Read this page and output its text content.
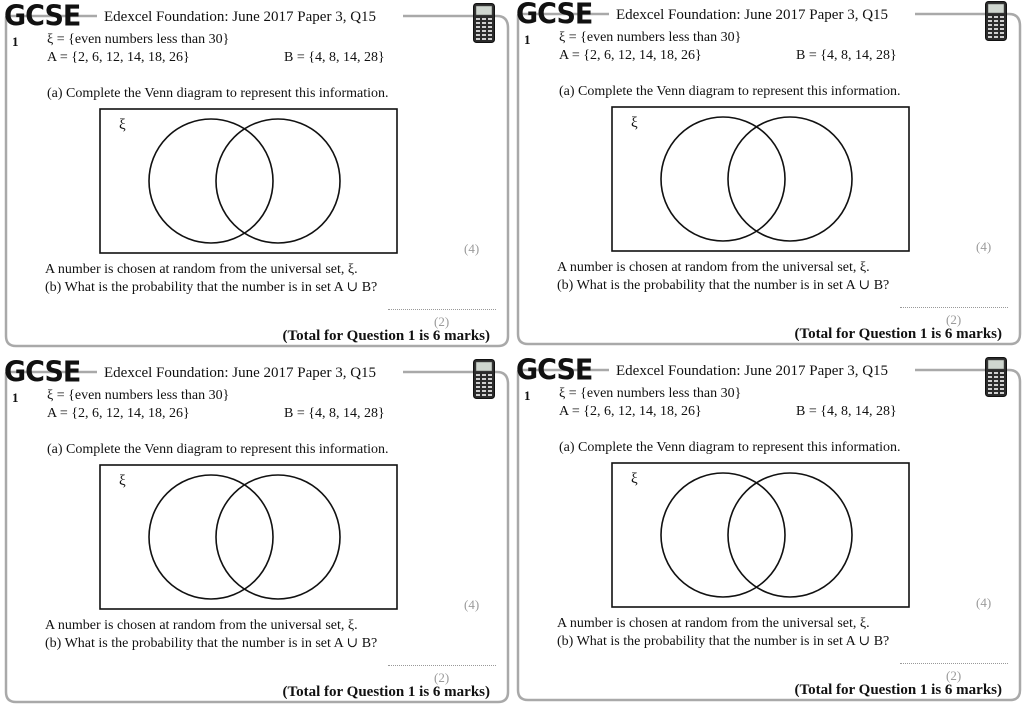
GCSE Edexcel Foundation: June 2017 Paper 3, Q15
1 ξ = {even numbers less than 30}
A = {2, 6, 12, 14, 18, 26}	B = {4, 8, 14, 28}
(a) Complete the Venn diagram to represent this information.
ξ
(4)
A number is chosen at random from the universal set, ξ.
(b) What is the probability that the number is in set A ∪ B?
(2)
(Total for Question 1 is 6 marks)
GCSE Edexcel Foundation: June 2017 Paper 3, Q15
1 ξ = {even numbers less than 30}
A = {2, 6, 12, 14, 18, 26}	B = {4, 8, 14, 28}
(a) Complete the Venn diagram to represent this information.
ξ
(4)
A number is chosen at random from the universal set, ξ.
(b) What is the probability that the number is in set A ∪ B?
(2)
(Total for Question 1 is 6 marks)
GCSE Edexcel Foundation: June 2017 Paper 3, Q15
1 ξ = {even numbers less than 30}
A = {2, 6, 12, 14, 18, 26}	B = {4, 8, 14, 28}
(a) Complete the Venn diagram to represent this information.
ξ
(4)
A number is chosen at random from the universal set, ξ.
(b) What is the probability that the number is in set A ∪ B?
(2)
(Total for Question 1 is 6 marks)
GCSE Edexcel Foundation: June 2017 Paper 3, Q15
1 ξ = {even numbers less than 30}
A = {2, 6, 12, 14, 18, 26}	B = {4, 8, 14, 28}
(a) Complete the Venn diagram to represent this information.
ξ
(4)
A number is chosen at random from the universal set, ξ.
(b) What is the probability that the number is in set A ∪ B?
(2)
(Total for Question 1 is 6 marks)
